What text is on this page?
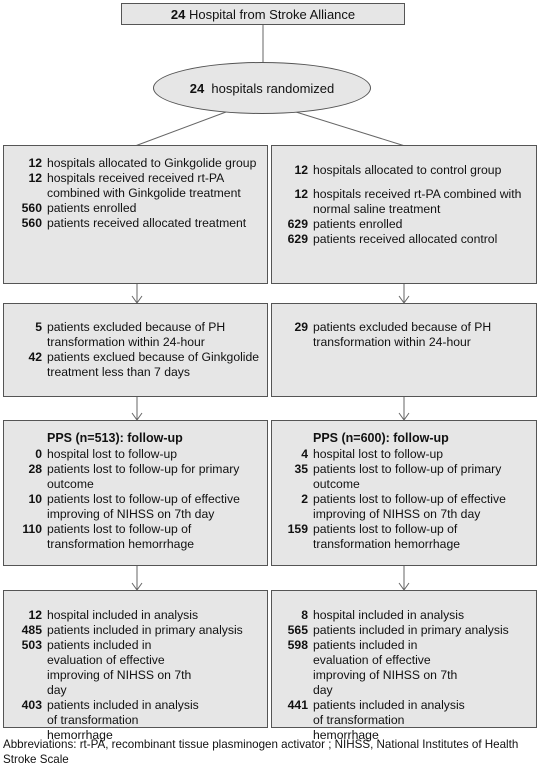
24
Hospital from Stroke Alliance
24
hospitals randomized
12 hospitals allocated to Ginkgolide group
12 hospitals received received rt-PA combined with Ginkgolide treatment
560 patients enrolled
560 patients received allocated treatment
12 hospitals allocated to control group
12 hospitals received rt-PA combined with normal saline treatment
629 patients enrolled
629 patients received allocated control
5 patients excluded because of PH transformation within 24-hour
42 patients exclued because of Ginkgolide treatment less than 7 days
29 patients excluded because of PH transformation within 24-hour
PPS (n=513): follow-up
0 hospital lost to follow-up
28 patients lost to follow-up for primary outcome
10 patients lost to follow-up of effective improving of NIHSS on 7th day
110 patients lost to follow-up of transformation hemorrhage
PPS (n=600): follow-up
4 hospital lost to follow-up
35 patients lost to follow-up of primary outcome
2 patients lost to follow-up of effective improving of NIHSS on 7th day
159 patients lost to follow-up of transformation hemorrhage
12 hospital included in analysis
485 patients included in primary analysis
503 patients included in evaluation of effective improving of NIHSS on 7th day
403 patients included in analysis of transformation hemorrhage
8 hospital included in analysis
565 patients included in primary analysis
598 patients included in evaluation of effective improving of NIHSS on 7th day
441 patients included in analysis of transformation hemorrhage
Abbreviations: rt-PA, recombinant tissue plasminogen activator ; NIHSS, National Institutes of Health Stroke Scale
